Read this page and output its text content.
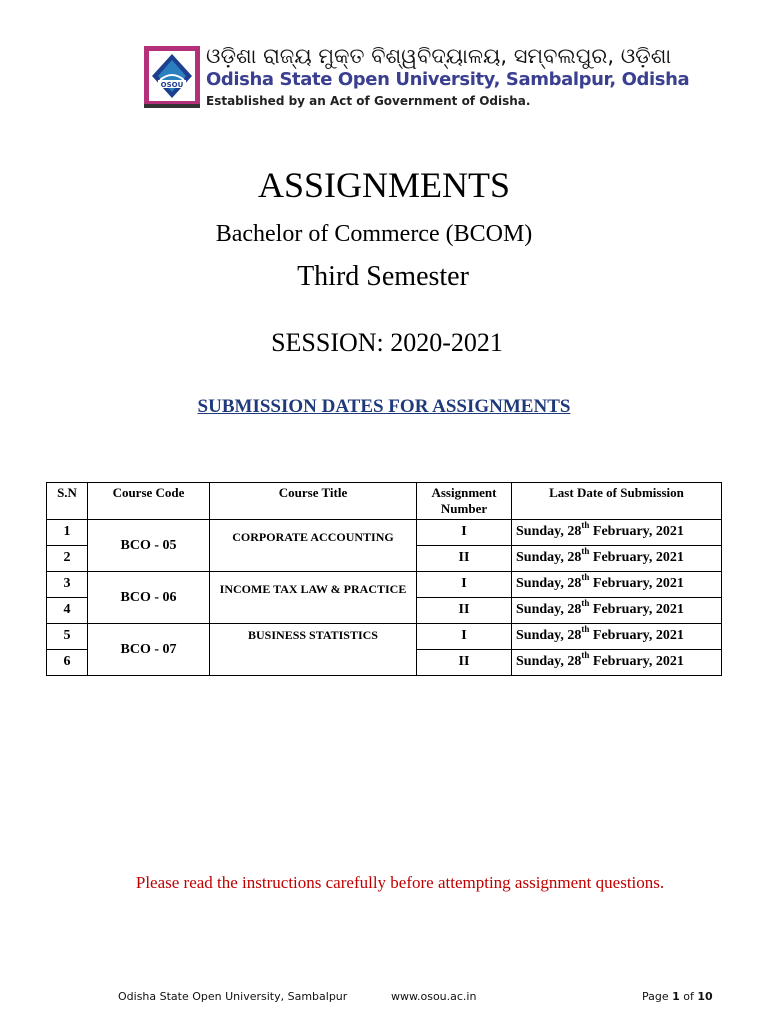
OSOU
ଓଡ଼ିଶା ରାଜ୍ୟ ମୁକ୍ତ ବିଶ୍ୱବିଦ୍ୟାଳୟ, ସମ୍ବଲପୁର, ଓଡ଼ିଶା
Odisha State Open University, Sambalpur, Odisha
Established by an Act of Government of Odisha.
ASSIGNMENTS
Bachelor of Commerce (BCOM)
Third Semester
SESSION: 2020-2021
SUBMISSION DATES FOR ASSIGNMENTS
S.N	Course Code	Course Title	Assignment Number	Last Date of Submission
1	BCO - 05	CORPORATE ACCOUNTING	I	Sunday, 28th February, 2021
2			II	Sunday, 28th February, 2021
3	BCO - 06	INCOME TAX LAW & PRACTICE	I	Sunday, 28th February, 2021
4			II	Sunday, 28th February, 2021
5	BCO - 07	BUSINESS STATISTICS	I	Sunday, 28th February, 2021
6			II	Sunday, 28th February, 2021
Please read the instructions carefully before attempting assignment questions.
Odisha State Open University, Sambalpur	www.osou.ac.in	Page 1 of 10
